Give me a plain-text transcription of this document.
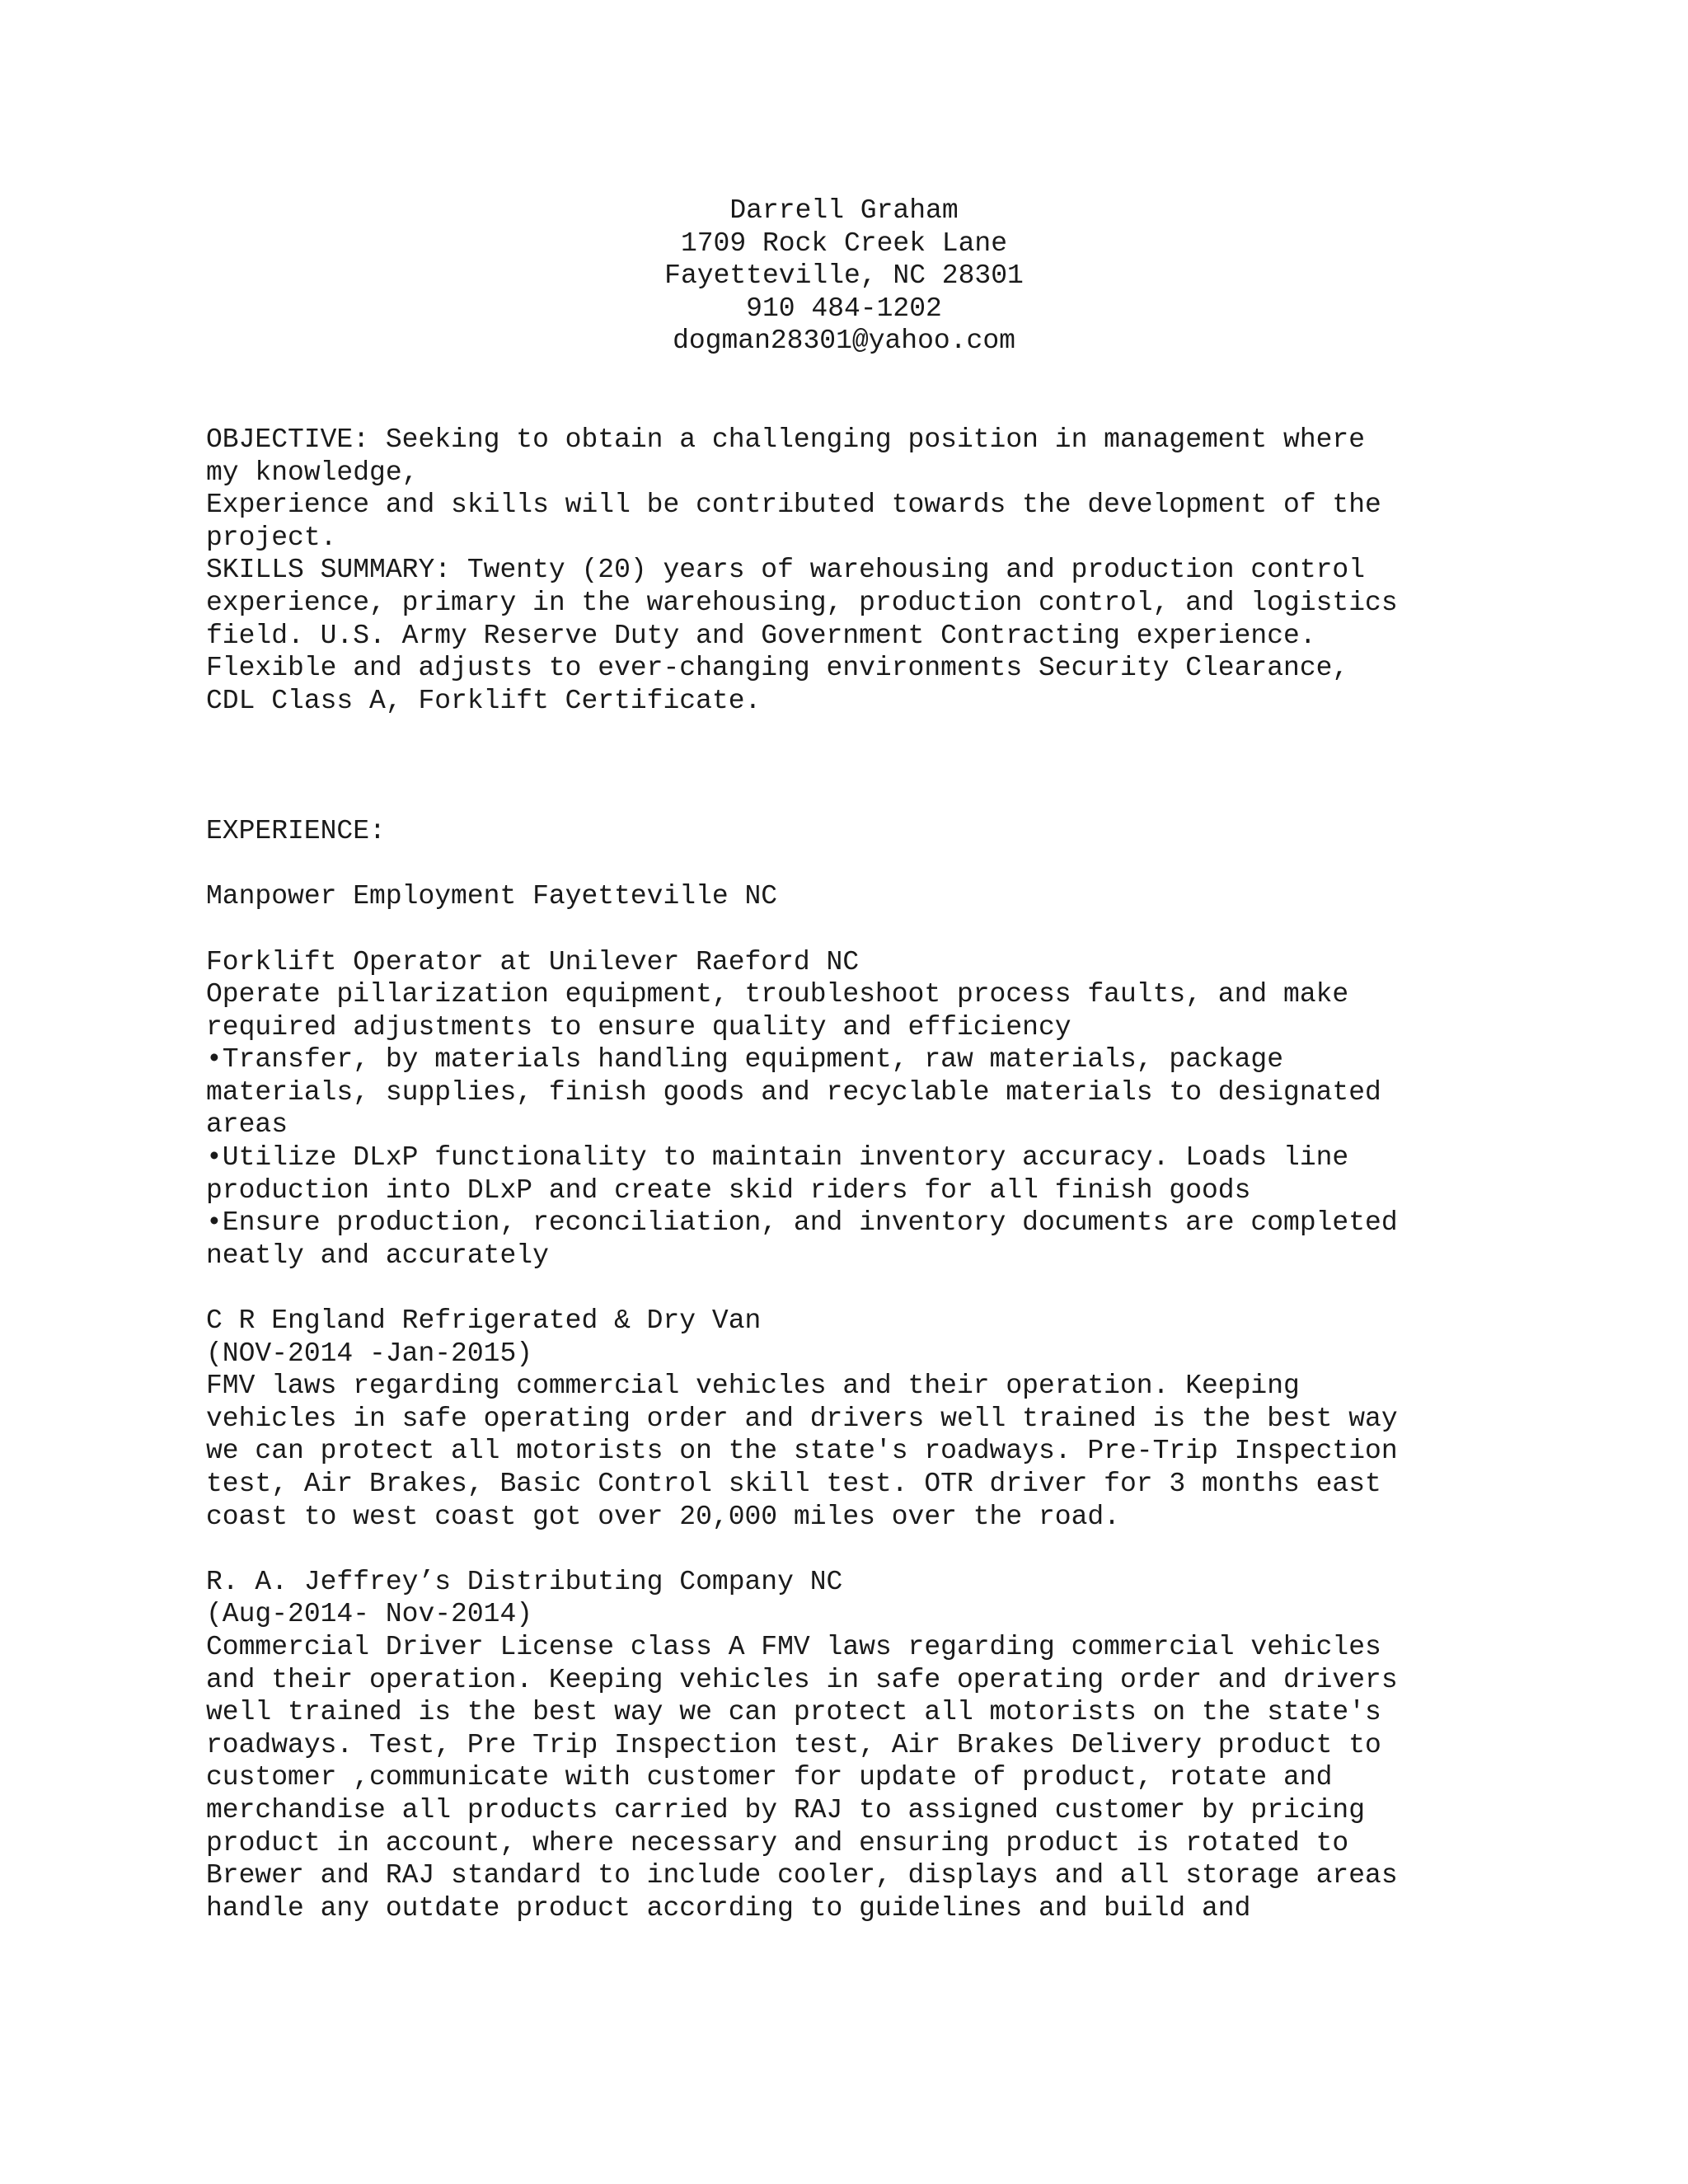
Darrell Graham
1709 Rock Creek Lane
Fayetteville, NC 28301
910 484-1202
dogman28301@yahoo.com
OBJECTIVE: Seeking to obtain a challenging position in management where
my knowledge,
Experience and skills will be contributed towards the development of the
project.
SKILLS SUMMARY: Twenty (20) years of warehousing and production control
experience, primary in the warehousing, production control, and logistics
field. U.S. Army Reserve Duty and Government Contracting experience.
Flexible and adjusts to ever-changing environments Security Clearance,
CDL Class A, Forklift Certificate.
EXPERIENCE:
Manpower Employment Fayetteville NC
Forklift Operator at Unilever Raeford NC
Operate pillarization equipment, troubleshoot process faults, and make
required adjustments to ensure quality and efficiency
•Transfer, by materials handling equipment, raw materials, package
materials, supplies, finish goods and recyclable materials to designated
areas
•Utilize DLxP functionality to maintain inventory accuracy. Loads line
production into DLxP and create skid riders for all finish goods
•Ensure production, reconciliation, and inventory documents are completed
neatly and accurately
C R England Refrigerated & Dry Van
(NOV-2014 -Jan-2015)
FMV laws regarding commercial vehicles and their operation. Keeping
vehicles in safe operating order and drivers well trained is the best way
we can protect all motorists on the state's roadways. Pre-Trip Inspection
test, Air Brakes, Basic Control skill test. OTR driver for 3 months east
coast to west coast got over 20,000 miles over the road.
R. A. Jeffrey’s Distributing Company NC
(Aug-2014- Nov-2014)
Commercial Driver License class A FMV laws regarding commercial vehicles
and their operation. Keeping vehicles in safe operating order and drivers
well trained is the best way we can protect all motorists on the state's
roadways. Test, Pre Trip Inspection test, Air Brakes Delivery product to
customer ,communicate with customer for update of product, rotate and
merchandise all products carried by RAJ to assigned customer by pricing
product in account, where necessary and ensuring product is rotated to
Brewer and RAJ standard to include cooler, displays and all storage areas
handle any outdate product according to guidelines and build and
